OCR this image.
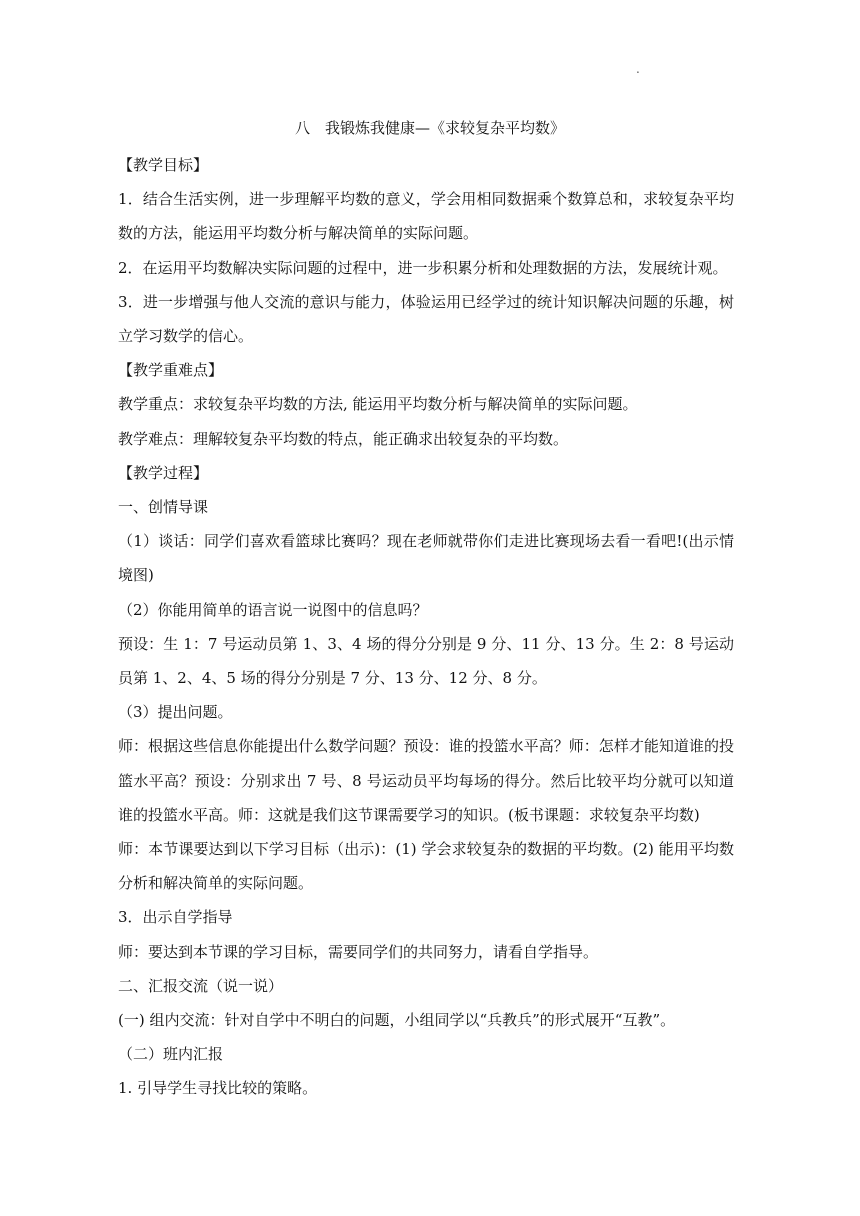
.
八　我锻炼我健康—《求较复杂平均数》

【教学目标】

1．结合生活实例，进一步理解平均数的意义，学会用相同数据乘个数算总和，求较复杂平均数的方法，能运用平均数分析与解决简单的实际问题。

2．在运用平均数解决实际问题的过程中，进一步积累分析和处理数据的方法，发展统计观。

3．进一步增强与他人交流的意识与能力，体验运用已经学过的统计知识解决问题的乐趣，树立学习数学的信心。

【教学重难点】

教学重点：求较复杂平均数的方法, 能运用平均数分析与解决简单的实际问题。

教学难点：理解较复杂平均数的特点，能正确求出较复杂的平均数。

【教学过程】

一、创情导课

（1）谈话：同学们喜欢看篮球比赛吗？现在老师就带你们走进比赛现场去看一看吧!(出示情境图)

（2）你能用简单的语言说一说图中的信息吗？

预设：生 1：7 号运动员第 1、3、4 场的得分分别是 9 分、11 分、13 分。生 2：8 号运动员第 1、2、4、5 场的得分分别是 7 分、13 分、12 分、8 分。

（3）提出问题。

师：根据这些信息你能提出什么数学问题？预设：谁的投篮水平高？师：怎样才能知道谁的投篮水平高？预设：分别求出 7 号、8 号运动员平均每场的得分。然后比较平均分就可以知道谁的投篮水平高。师：这就是我们这节课需要学习的知识。(板书课题：求较复杂平均数)

师：本节课要达到以下学习目标（出示)：(1) 学会求较复杂的数据的平均数。(2) 能用平均数分析和解决简单的实际问题。

3．出示自学指导

师：要达到本节课的学习目标，需要同学们的共同努力，请看自学指导。

二、汇报交流（说一说）

(一) 组内交流：针对自学中不明白的问题，小组同学以“兵教兵”的形式展开“互教”。

（二）班内汇报

1. 引导学生寻找比较的策略。
